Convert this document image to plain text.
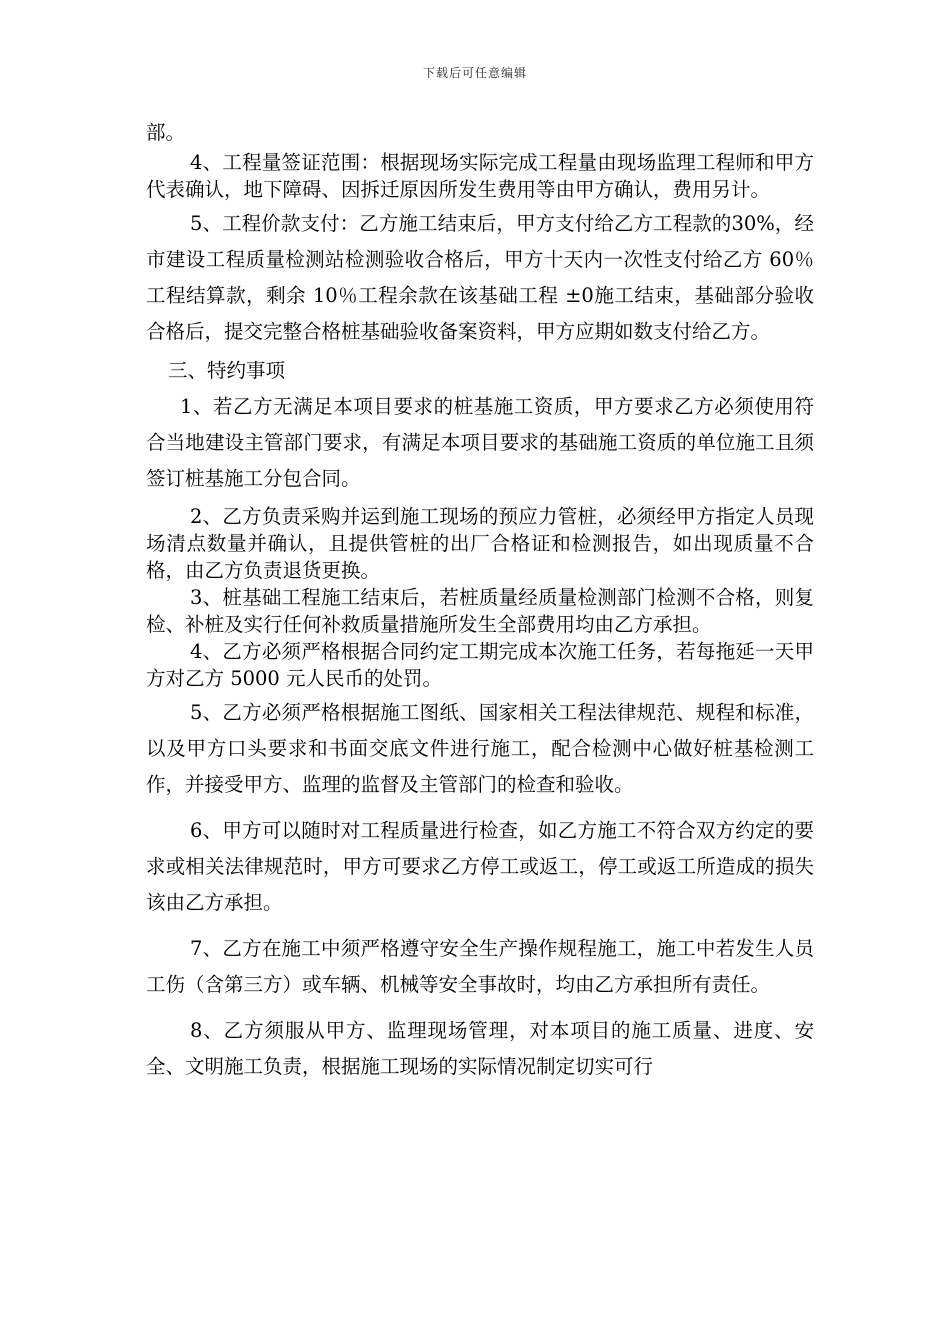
下载后可任意编辑

部。

4、工程量签证范围：根据现场实际完成工程量由现场监理工程师和甲方代表确认，地下障碍、因拆迁原因所发生费用等由甲方确认，费用另计。

5、工程价款支付：乙方施工结束后，甲方支付给乙方工程款的30%，经市建设工程质量检测站检测验收合格后，甲方十天内一次性支付给乙方 60％工程结算款，剩余 10％工程余款在该基础工程 ±0施工结束，基础部分验收合格后，提交完整合格桩基础验收备案资料，甲方应期如数支付给乙方。

三、特约事项

1、若乙方无满足本项目要求的桩基施工资质，甲方要求乙方必须使用符合当地建设主管部门要求，有满足本项目要求的基础施工资质的单位施工且须签订桩基施工分包合同。

2、乙方负责采购并运到施工现场的预应力管桩，必须经甲方指定人员现场清点数量并确认，且提供管桩的出厂合格证和检测报告，如出现质量不合格，由乙方负责退货更换。

3、桩基础工程施工结束后，若桩质量经质量检测部门检测不合格，则复检、补桩及实行任何补救质量措施所发生全部费用均由乙方承担。

4、乙方必须严格根据合同约定工期完成本次施工任务，若每拖延一天甲方对乙方 5000 元人民币的处罚。

5、乙方必须严格根据施工图纸、国家相关工程法律规范、规程和标准，以及甲方口头要求和书面交底文件进行施工，配合检测中心做好桩基检测工作，并接受甲方、监理的监督及主管部门的检查和验收。

6、甲方可以随时对工程质量进行检查，如乙方施工不符合双方约定的要求或相关法律规范时，甲方可要求乙方停工或返工，停工或返工所造成的损失该由乙方承担。

7、乙方在施工中须严格遵守安全生产操作规程施工，施工中若发生人员工伤（含第三方）或车辆、机械等安全事故时，均由乙方承担所有责任。

8、乙方须服从甲方、监理现场管理，对本项目的施工质量、进度、安全、文明施工负责，根据施工现场的实际情况制定切实可行
